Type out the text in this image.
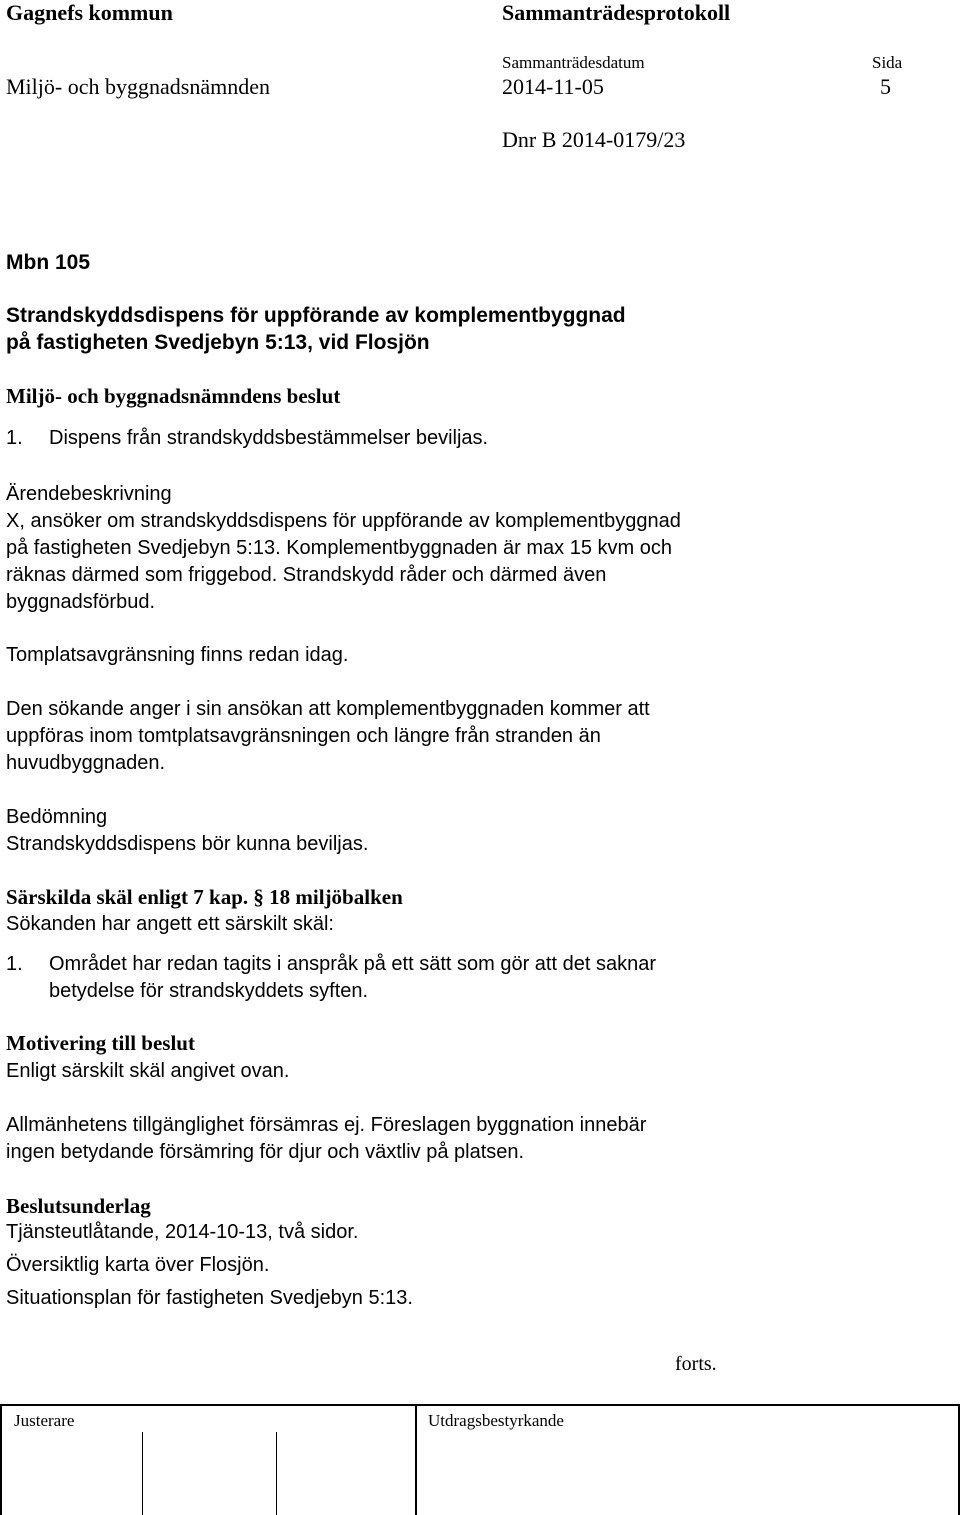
Gagnefs kommun	Sammanträdesprotokoll
Sammanträdesdatum	Sida
Miljö- och byggnadsnämnden	2014-11-05	5
Dnr B 2014-0179/23
Mbn 105
Strandskyddsdispens för uppförande av komplementbyggnad
på fastigheten Svedjebyn 5:13, vid Flosjön
Miljö- och byggnadsnämndens beslut
1. Dispens från strandskyddsbestämmelser beviljas.
Ärendebeskrivning
X, ansöker om strandskyddsdispens för uppförande av komplementbyggnad
på fastigheten Svedjebyn 5:13. Komplementbyggnaden är max 15 kvm och
räknas därmed som friggebod. Strandskydd råder och därmed även
byggnadsförbud.
Tomplatsavgränsning finns redan idag.
Den sökande anger i sin ansökan att komplementbyggnaden kommer att
uppföras inom tomtplatsavgränsningen och längre från stranden än
huvudbyggnaden.
Bedömning
Strandskyddsdispens bör kunna beviljas.
Särskilda skäl enligt 7 kap. § 18 miljöbalken
Sökanden har angett ett särskilt skäl:
1. Området har redan tagits i anspråk på ett sätt som gör att det saknar
betydelse för strandskyddets syften.
Motivering till beslut
Enligt särskilt skäl angivet ovan.
Allmänhetens tillgänglighet försämras ej. Föreslagen byggnation innebär
ingen betydande försämring för djur och växtliv på platsen.
Beslutsunderlag
Tjänsteutlåtande, 2014-10-13, två sidor.
Översiktlig karta över Flosjön.
Situationsplan för fastigheten Svedjebyn 5:13.
forts.
Justerare	Utdragsbestyrkande
